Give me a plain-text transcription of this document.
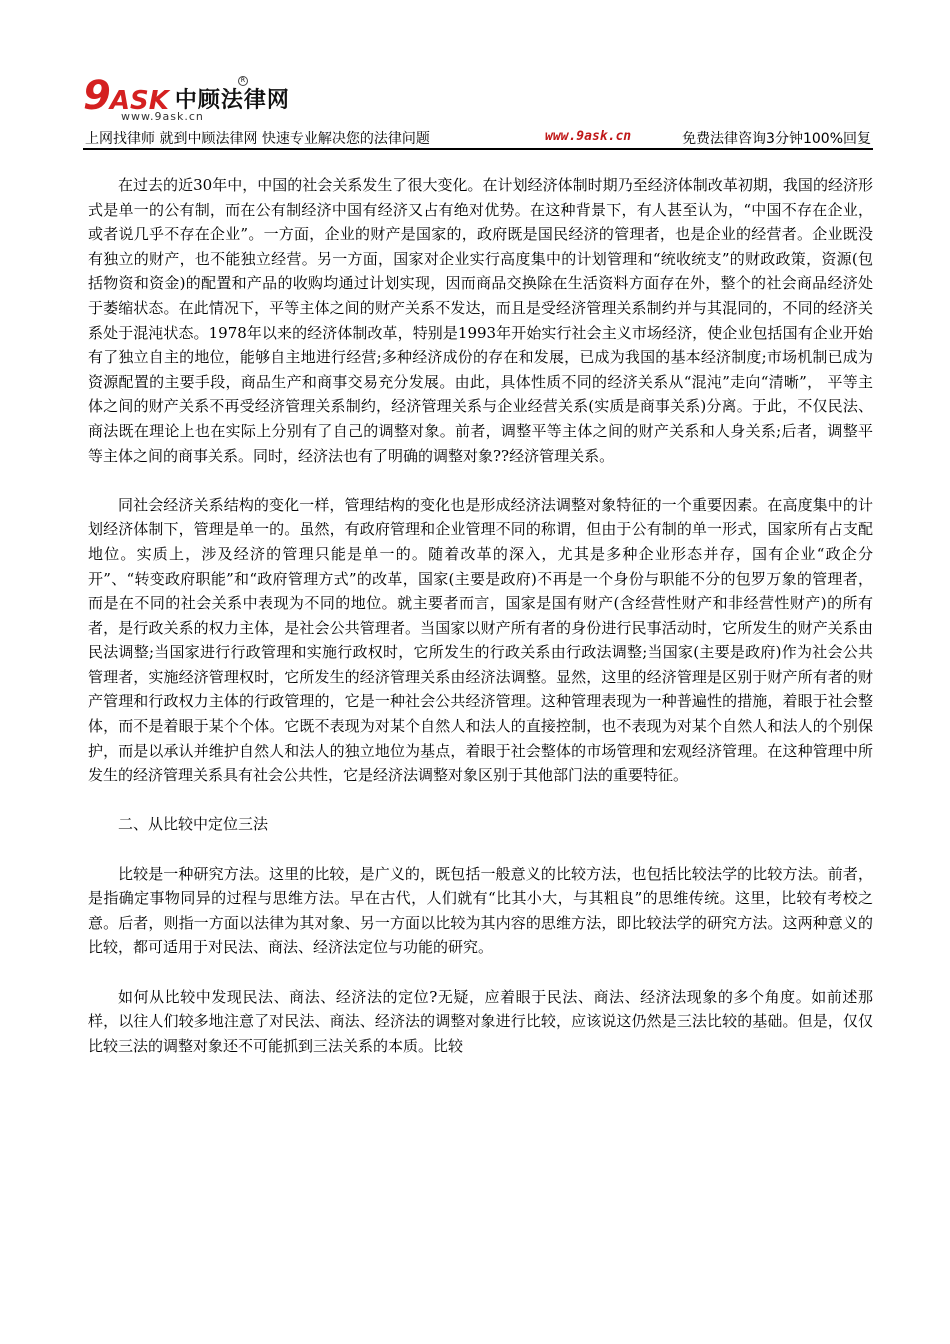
9 ASK 中顾法律网
R
www.9ask.cn
上网找律师 就到中顾法律网 快速专业解决您的法律问题	www.9ask.cn	免费法律咨询3分钟100%回复

在过去的近30年中，中国的社会关系发生了很大变化。在计划经济体制时期乃至经济体制改革初期，我国的经济形式是单一的公有制，而在公有制经济中国有经济又占有绝对优势。在这种背景下，有人甚至认为，“中国不存在企业，或者说几乎不存在企业”。一方面，企业的财产是国家的，政府既是国民经济的管理者，也是企业的经营者。企业既没有独立的财产，也不能独立经营。另一方面，国家对企业实行高度集中的计划管理和“统收统支”的财政政策，资源(包括物资和资金)的配置和产品的收购均通过计划实现，因而商品交换除在生活资料方面存在外，整个的社会商品经济处于萎缩状态。在此情况下，平等主体之间的财产关系不发达，而且是受经济管理关系制约并与其混同的，不同的经济关系处于混沌状态。1978年以来的经济体制改革，特别是1993年开始实行社会主义市场经济，使企业包括国有企业开始有了独立自主的地位，能够自主地进行经营;多种经济成份的存在和发展，已成为我国的基本经济制度;市场机制已成为资源配置的主要手段，商品生产和商事交易充分发展。由此，具体性质不同的经济关系从“混沌”走向“清晰”， 平等主体之间的财产关系不再受经济管理关系制约，经济管理关系与企业经营关系(实质是商事关系)分离。于此，不仅民法、商法既在理论上也在实际上分别有了自己的调整对象。前者，调整平等主体之间的财产关系和人身关系;后者，调整平等主体之间的商事关系。同时，经济法也有了明确的调整对象??经济管理关系。

同社会经济关系结构的变化一样，管理结构的变化也是形成经济法调整对象特征的一个重要因素。在高度集中的计划经济体制下，管理是单一的。虽然，有政府管理和企业管理不同的称谓，但由于公有制的单一形式，国家所有占支配地位。实质上，涉及经济的管理只能是单一的。随着改革的深入，尤其是多种企业形态并存，国有企业“政企分开”、“转变政府职能”和“政府管理方式”的改革，国家(主要是政府)不再是一个身份与职能不分的包罗万象的管理者，而是在不同的社会关系中表现为不同的地位。就主要者而言，国家是国有财产(含经营性财产和非经营性财产)的所有者，是行政关系的权力主体，是社会公共管理者。当国家以财产所有者的身份进行民事活动时，它所发生的财产关系由民法调整;当国家进行行政管理和实施行政权时，它所发生的行政关系由行政法调整;当国家(主要是政府)作为社会公共管理者，实施经济管理权时，它所发生的经济管理关系由经济法调整。显然，这里的经济管理是区别于财产所有者的财产管理和行政权力主体的行政管理的，它是一种社会公共经济管理。这种管理表现为一种普遍性的措施，着眼于社会整体，而不是着眼于某个个体。它既不表现为对某个自然人和法人的直接控制，也不表现为对某个自然人和法人的个别保护，而是以承认并维护自然人和法人的独立地位为基点，着眼于社会整体的市场管理和宏观经济管理。在这种管理中所发生的经济管理关系具有社会公共性，它是经济法调整对象区别于其他部门法的重要特征。

二、从比较中定位三法

比较是一种研究方法。这里的比较，是广义的，既包括一般意义的比较方法，也包括比较法学的比较方法。前者，是指确定事物同异的过程与思维方法。早在古代，人们就有“比其小大，与其粗良”的思维传统。这里，比较有考校之意。后者，则指一方面以法律为其对象、另一方面以比较为其内容的思维方法，即比较法学的研究方法。这两种意义的比较，都可适用于对民法、商法、经济法定位与功能的研究。

如何从比较中发现民法、商法、经济法的定位?无疑，应着眼于民法、商法、经济法现象的多个角度。如前述那样，以往人们较多地注意了对民法、商法、经济法的调整对象进行比较，应该说这仍然是三法比较的基础。但是，仅仅比较三法的调整对象还不可能抓到三法关系的本质。比较
